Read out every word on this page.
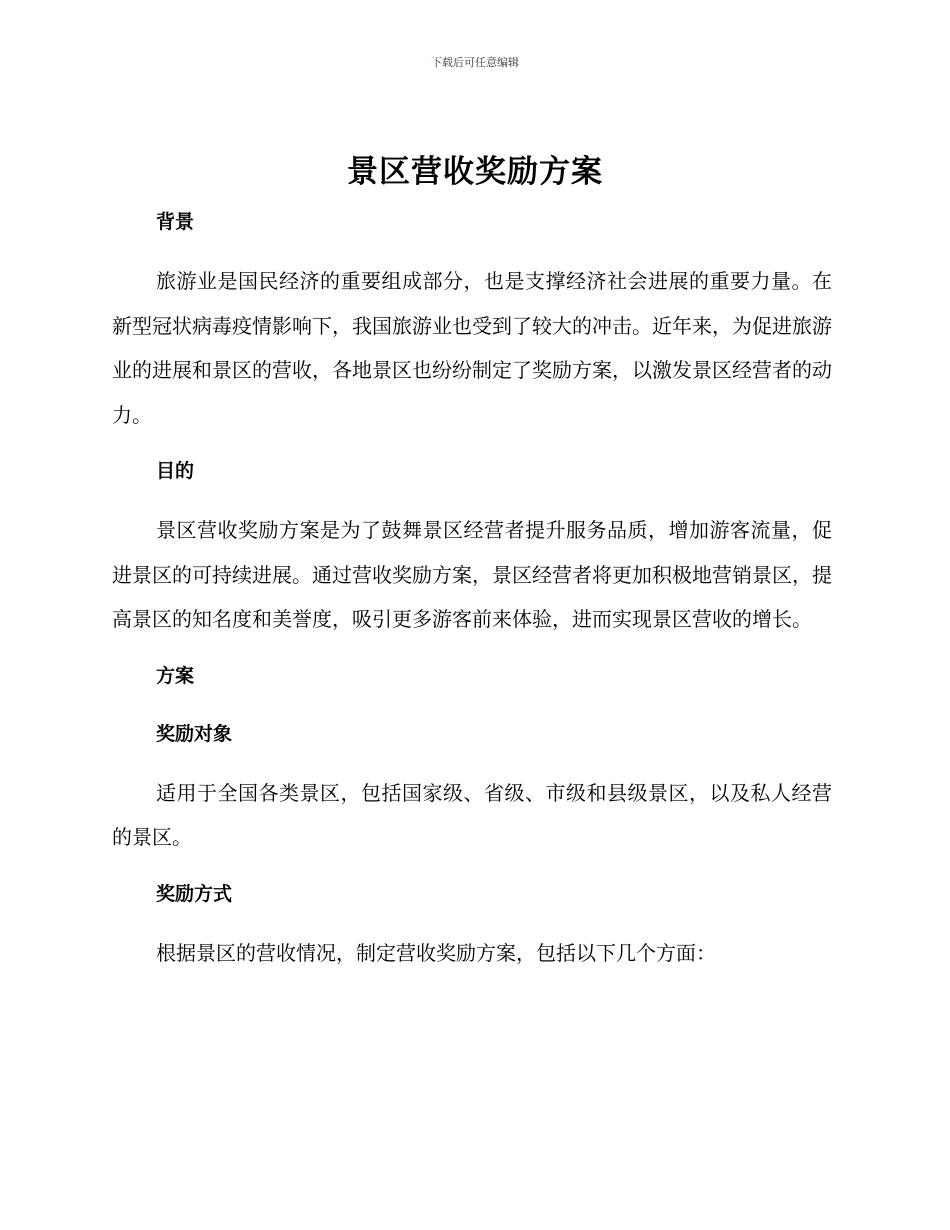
下载后可任意编辑
景区营收奖励方案
背景

旅游业是国民经济的重要组成部分，也是支撑经济社会进展的重要力量。在新型冠状病毒疫情影响下，我国旅游业也受到了较大的冲击。近年来，为促进旅游业的进展和景区的营收，各地景区也纷纷制定了奖励方案，以激发景区经营者的动力。

目的

景区营收奖励方案是为了鼓舞景区经营者提升服务品质，增加游客流量，促进景区的可持续进展。通过营收奖励方案，景区经营者将更加积极地营销景区，提高景区的知名度和美誉度，吸引更多游客前来体验，进而实现景区营收的增长。

方案
奖励对象

适用于全国各类景区，包括国家级、省级、市级和县级景区，以及私人经营的景区。

奖励方式

根据景区的营收情况，制定营收奖励方案，包括以下几个方面：
